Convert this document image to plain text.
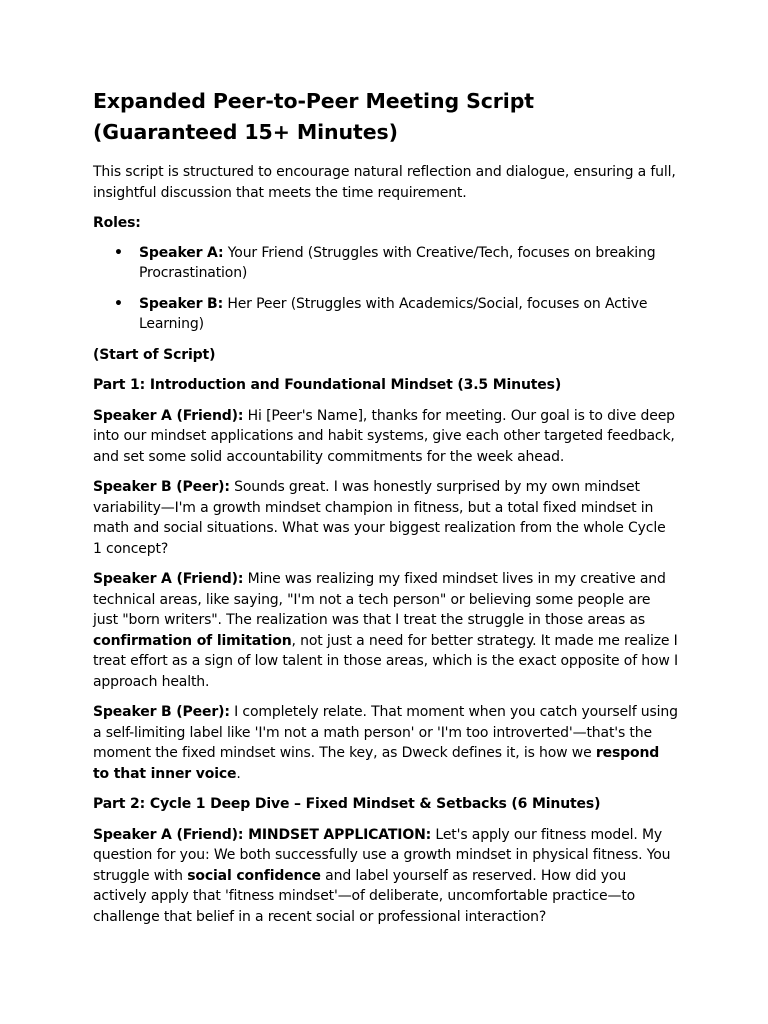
Expanded Peer-to-Peer Meeting Script (Guaranteed 15+ Minutes)

This script is structured to encourage natural reflection and dialogue, ensuring a full, insightful discussion that meets the time requirement.

Roles:

• Speaker A: Your Friend (Struggles with Creative/Tech, focuses on breaking Procrastination)
• Speaker B: Her Peer (Struggles with Academics/Social, focuses on Active Learning)

(Start of Script)

Part 1: Introduction and Foundational Mindset (3.5 Minutes)

Speaker A (Friend): Hi [Peer's Name], thanks for meeting. Our goal is to dive deep into our mindset applications and habit systems, give each other targeted feedback, and set some solid accountability commitments for the week ahead.

Speaker B (Peer): Sounds great. I was honestly surprised by my own mindset variability—I'm a growth mindset champion in fitness, but a total fixed mindset in math and social situations. What was your biggest realization from the whole Cycle 1 concept?

Speaker A (Friend): Mine was realizing my fixed mindset lives in my creative and technical areas, like saying, "I'm not a tech person" or believing some people are just "born writers". The realization was that I treat the struggle in those areas as confirmation of limitation, not just a need for better strategy. It made me realize I treat effort as a sign of low talent in those areas, which is the exact opposite of how I approach health.

Speaker B (Peer): I completely relate. That moment when you catch yourself using a self-limiting label like 'I'm not a math person' or 'I'm too introverted'—that's the moment the fixed mindset wins. The key, as Dweck defines it, is how we respond to that inner voice.

Part 2: Cycle 1 Deep Dive – Fixed Mindset & Setbacks (6 Minutes)

Speaker A (Friend): MINDSET APPLICATION: Let's apply our fitness model. My question for you: We both successfully use a growth mindset in physical fitness. You struggle with social confidence and label yourself as reserved. How did you actively apply that 'fitness mindset'—of deliberate, uncomfortable practice—to challenge that belief in a recent social or professional interaction?
